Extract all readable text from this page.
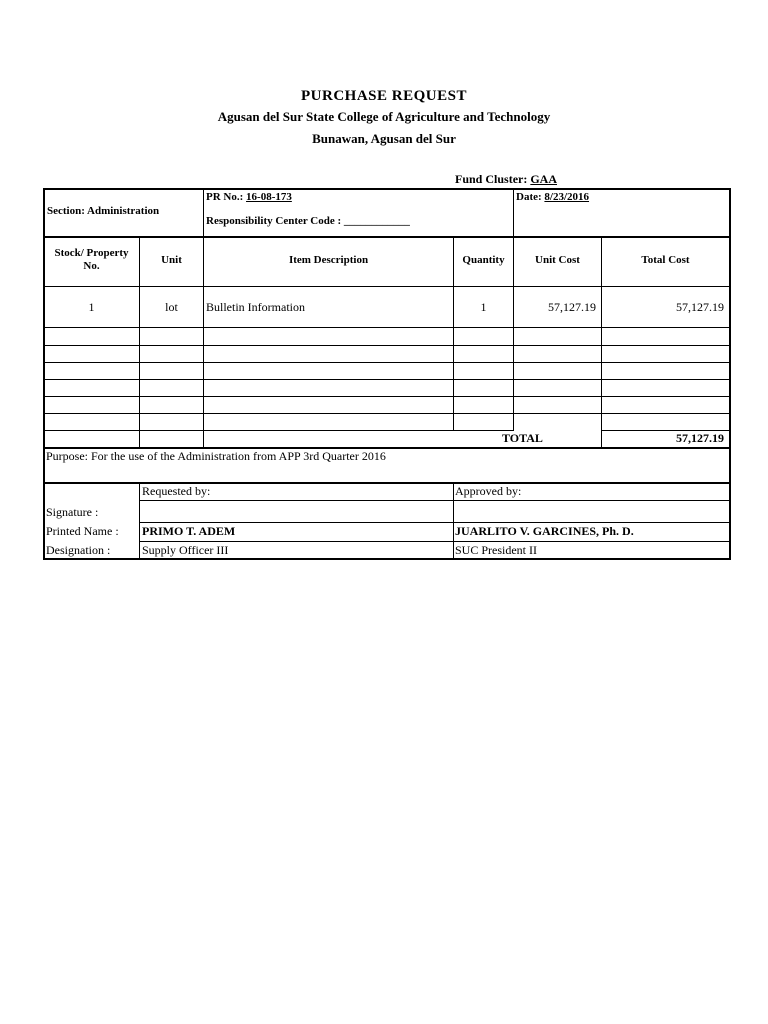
PURCHASE REQUEST
Agusan del Sur State College of Agriculture and Technology
Bunawan, Agusan del Sur
Fund Cluster: GAA
Section: Administration
PR No.: 16-08-173
Responsibility Center Code : ____________
Date: 8/23/2016
Stock/ Property
No.	Unit	Item Description	Quantity	Unit Cost	Total Cost
1	lot	Bulletin Information	1	57,127.19	57,127.19
TOTAL	57,127.19
Purpose: For the use of the Administration from APP 3rd Quarter 2016
Requested by:	Approved by:
Signature :
Printed Name : PRIMO T. ADEM	JUARLITO V. GARCINES, Ph. D.
Designation :	Supply Officer III	SUC President II
